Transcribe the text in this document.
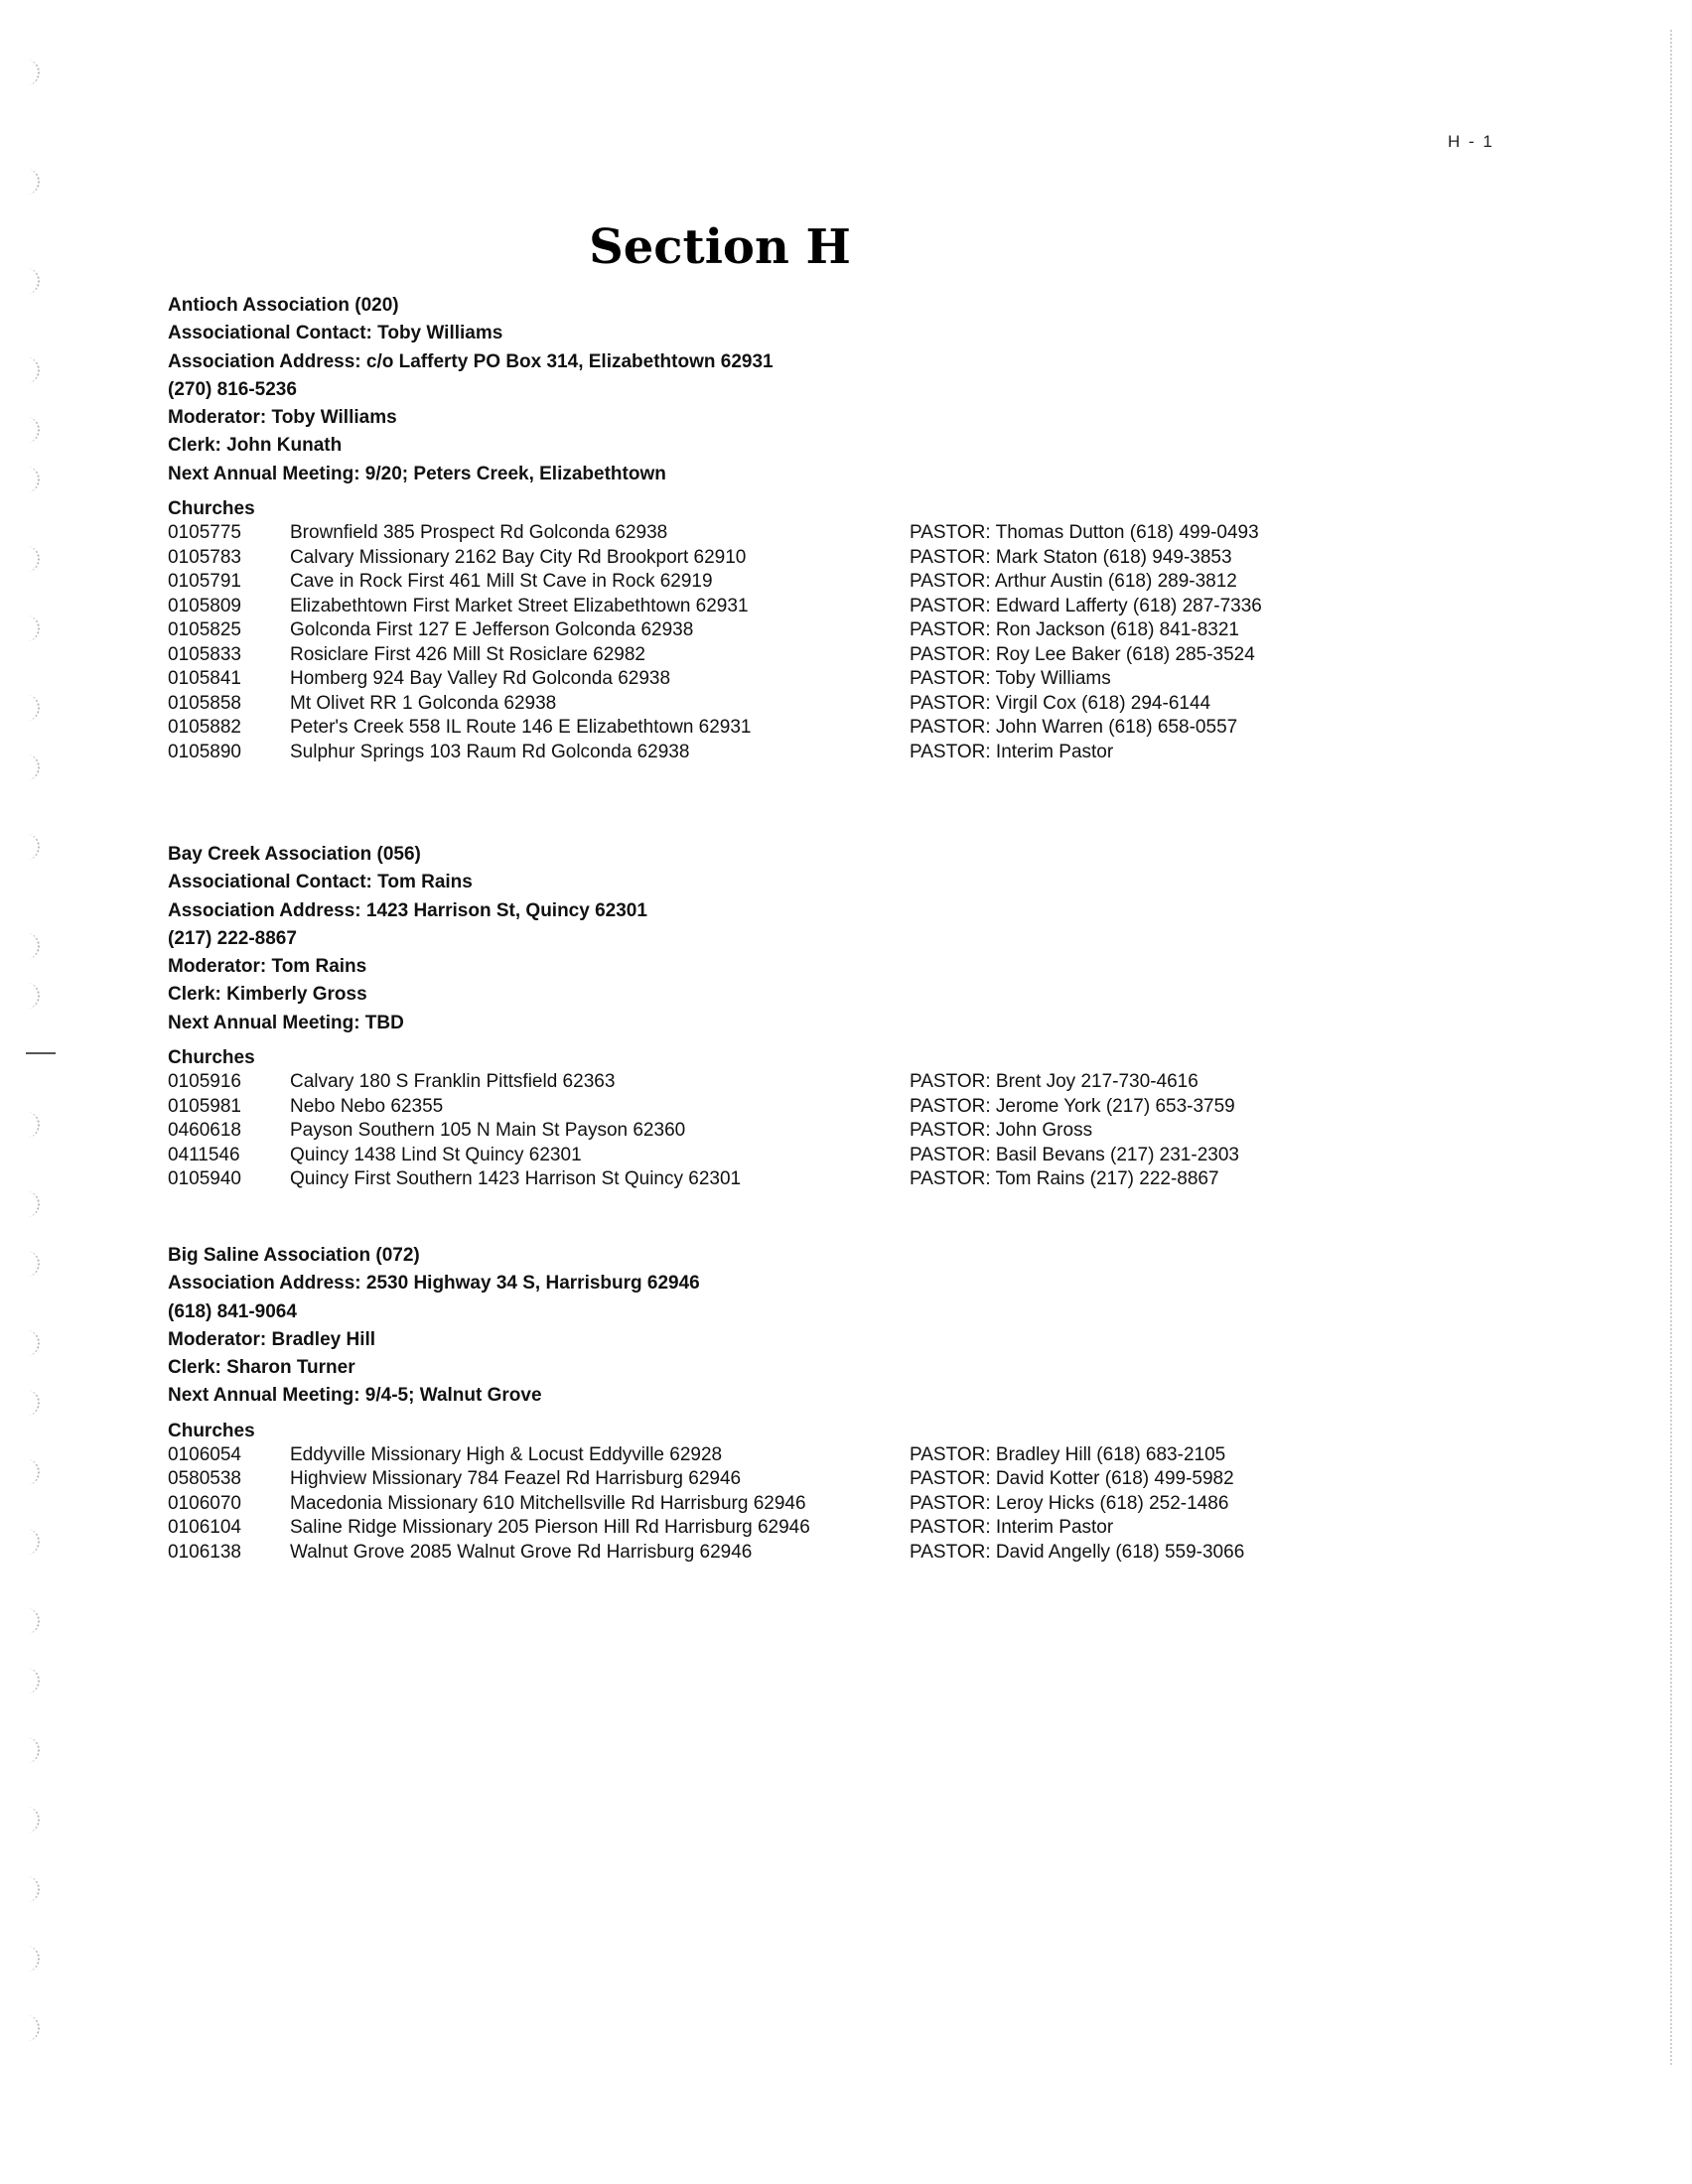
H - 1
Section H
Antioch Association (020)
Associational Contact: Toby Williams
Association Address: c/o Lafferty PO Box 314, Elizabethtown 62931
(270) 816-5236
Moderator: Toby Williams
Clerk: John Kunath
Next Annual Meeting: 9/20; Peters Creek, Elizabethtown
Churches
0105775	Brownfield 385 Prospect Rd Golconda 62938	PASTOR: Thomas Dutton (618) 499-0493
0105783	Calvary Missionary 2162 Bay City Rd Brookport 62910	PASTOR: Mark Staton (618) 949-3853
0105791	Cave in Rock First 461 Mill St Cave in Rock 62919	PASTOR: Arthur Austin (618) 289-3812
0105809	Elizabethtown First Market Street Elizabethtown 62931	PASTOR: Edward Lafferty (618) 287-7336
0105825	Golconda First 127 E Jefferson Golconda 62938	PASTOR: Ron Jackson (618) 841-8321
0105833	Rosiclare First 426 Mill St Rosiclare 62982	PASTOR: Roy Lee Baker (618) 285-3524
0105841	Homberg 924 Bay Valley Rd Golconda 62938	PASTOR: Toby Williams
0105858	Mt Olivet RR 1 Golconda 62938	PASTOR: Virgil Cox (618) 294-6144
0105882	Peter's Creek 558 IL Route 146 E Elizabethtown 62931	PASTOR: John Warren (618) 658-0557
0105890	Sulphur Springs 103 Raum Rd Golconda 62938	PASTOR: Interim Pastor
Bay Creek Association (056)
Associational Contact: Tom Rains
Association Address: 1423 Harrison St, Quincy 62301
(217) 222-8867
Moderator: Tom Rains
Clerk: Kimberly Gross
Next Annual Meeting: TBD
Churches
0105916	Calvary 180 S Franklin Pittsfield 62363	PASTOR: Brent Joy 217-730-4616
0105981	Nebo Nebo 62355	PASTOR: Jerome York (217) 653-3759
0460618	Payson Southern 105 N Main St Payson 62360	PASTOR: John Gross
0411546	Quincy 1438 Lind St Quincy 62301	PASTOR: Basil Bevans (217) 231-2303
0105940	Quincy First Southern 1423 Harrison St Quincy 62301	PASTOR: Tom Rains (217) 222-8867
Big Saline Association (072)
Association Address: 2530 Highway 34 S, Harrisburg 62946
(618) 841-9064
Moderator: Bradley Hill
Clerk: Sharon Turner
Next Annual Meeting: 9/4-5; Walnut Grove
Churches
0106054	Eddyville Missionary High & Locust Eddyville 62928	PASTOR: Bradley Hill (618) 683-2105
0580538	Highview Missionary 784 Feazel Rd Harrisburg 62946	PASTOR: David Kotter (618) 499-5982
0106070	Macedonia Missionary 610 Mitchellsville Rd Harrisburg 62946	PASTOR: Leroy Hicks (618) 252-1486
0106104	Saline Ridge Missionary 205 Pierson Hill Rd Harrisburg 62946	PASTOR: Interim Pastor
0106138	Walnut Grove 2085 Walnut Grove Rd Harrisburg 62946	PASTOR: David Angelly (618) 559-3066
